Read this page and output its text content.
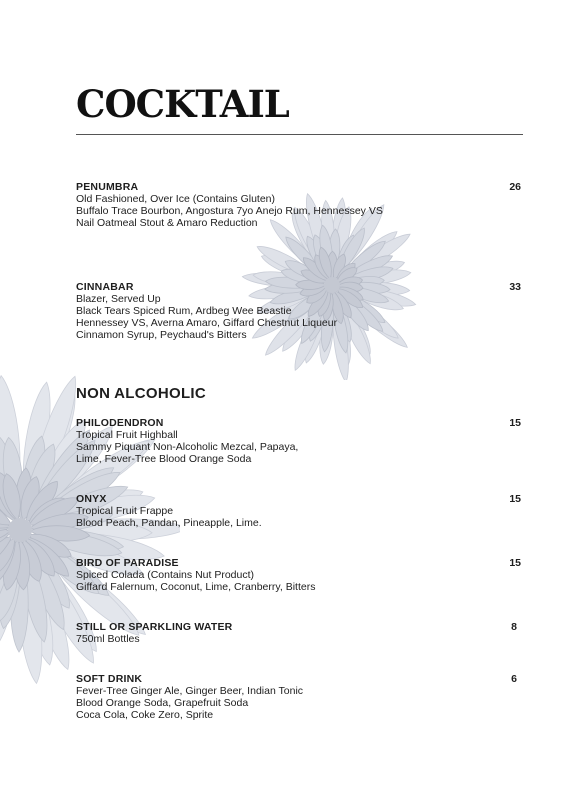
COCKTAIL
PENUMBRA	26
Old Fashioned, Over Ice (Contains Gluten)
Buffalo Trace Bourbon, Angostura 7yo Anejo Rum, Hennessey VS
Nail Oatmeal Stout & Amaro Reduction
CINNABAR	33
Blazer, Served Up
Black Tears Spiced Rum, Ardbeg Wee Beastie
Hennessey VS, Averna Amaro, Giffard Chestnut Liqueur
Cinnamon Syrup, Peychaud's Bitters
NON ALCOHOLIC
PHILODENDRON	15
Tropical Fruit Highball
Sammy Piquant Non-Alcoholic Mezcal, Papaya,
Lime, Fever-Tree Blood Orange Soda
ONYX	15
Tropical Fruit Frappe
Blood Peach, Pandan, Pineapple, Lime.
BIRD OF PARADISE	15
Spiced Colada (Contains Nut Product)
Giffard Falernum, Coconut, Lime, Cranberry, Bitters
STILL OR SPARKLING WATER	8
750ml Bottles
SOFT DRINK	6
Fever-Tree Ginger Ale, Ginger Beer, Indian Tonic
Blood Orange Soda, Grapefruit Soda
Coca Cola, Coke Zero, Sprite
